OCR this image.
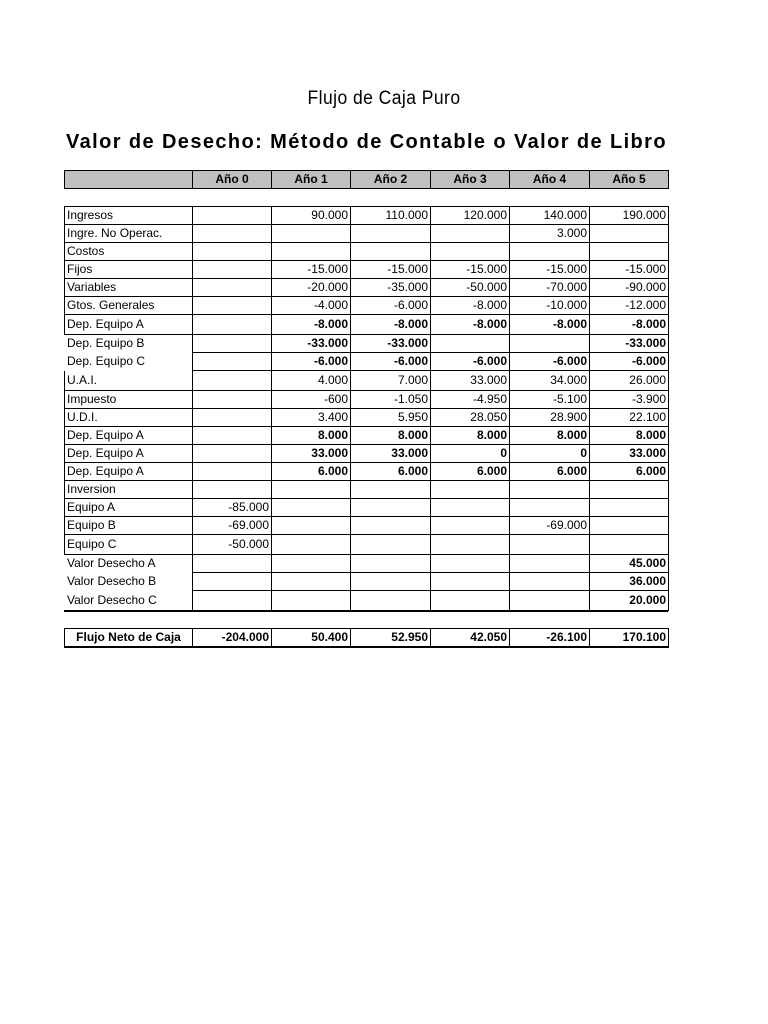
Flujo de Caja Puro
Valor de Desecho: Método de Contable o Valor de Libro
	Año 0	Año 1	Año 2	Año 3	Año 4	Año 5
Ingresos		90.000	110.000	120.000	140.000	190.000
Ingre. No Operac.					3.000	
Costos						
Fijos		-15.000	-15.000	-15.000	-15.000	-15.000
Variables		-20.000	-35.000	-50.000	-70.000	-90.000
Gtos. Generales		-4.000	-6.000	-8.000	-10.000	-12.000
Dep. Equipo A		-8.000	-8.000	-8.000	-8.000	-8.000
Dep. Equipo B		-33.000	-33.000			-33.000
Dep. Equipo C		-6.000	-6.000	-6.000	-6.000	-6.000
U.A.I.		4.000	7.000	33.000	34.000	26.000
Impuesto		-600	-1.050	-4.950	-5.100	-3.900
U.D.I.		3.400	5.950	28.050	28.900	22.100
Dep. Equipo A		8.000	8.000	8.000	8.000	8.000
Dep. Equipo A		33.000	33.000	0	0	33.000
Dep. Equipo A		6.000	6.000	6.000	6.000	6.000
Inversion						
Equipo A	-85.000					
Equipo B	-69.000				-69.000	
Equipo C	-50.000					
Valor Desecho A						45.000
Valor Desecho B						36.000
Valor Desecho C						20.000
Flujo Neto de Caja	-204.000	50.400	52.950	42.050	-26.100	170.100
